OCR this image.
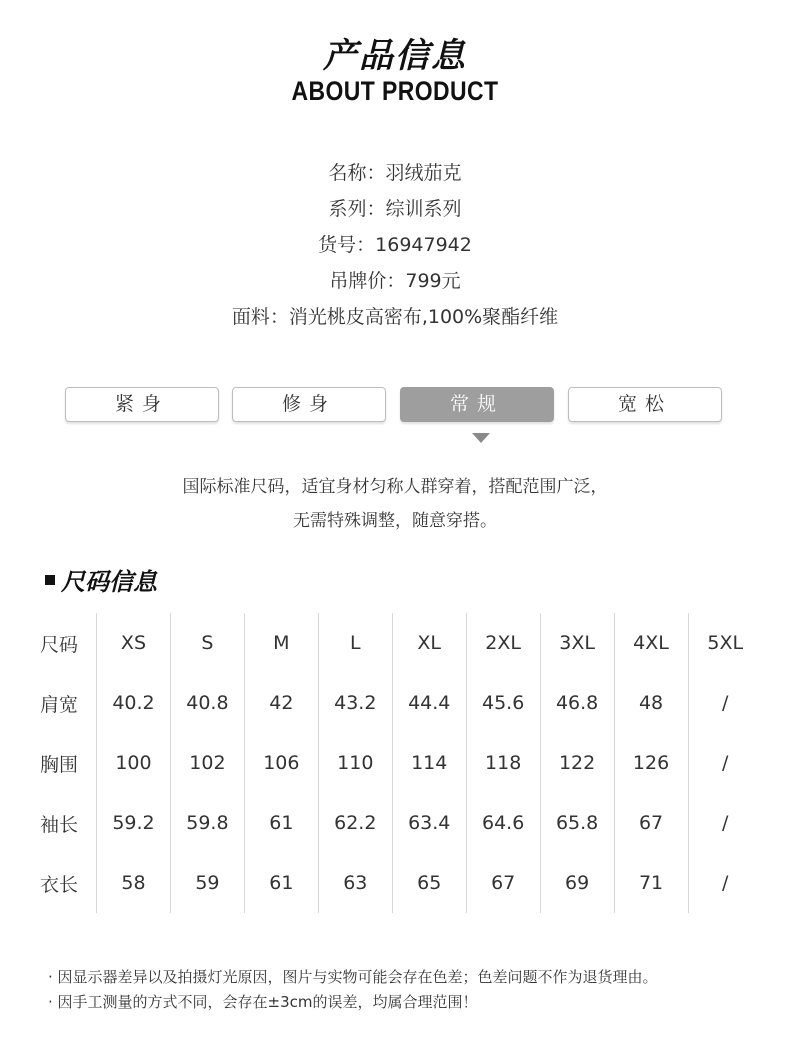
产品信息
ABOUT PRODUCT
名称：羽绒茄克
系列：综训系列
货号：16947942
吊牌价：799元
面料：消光桃皮高密布,100%聚酯纤维
紧身	修身	常规	宽松
国际标准尺码，适宜身材匀称人群穿着，搭配范围广泛，
无需特殊调整，随意穿搭。
尺码信息
尺码	XS	S	M	L	XL	2XL	3XL	4XL	5XL
肩宽	40.2	40.8	42	43.2	44.4	45.6	46.8	48	/
胸围	100	102	106	110	114	118	122	126	/
袖长	59.2	59.8	61	62.2	63.4	64.6	65.8	67	/
衣长	58	59	61	63	65	67	69	71	/
· 因显示器差异以及拍摄灯光原因，图片与实物可能会存在色差；色差问题不作为退货理由。
· 因手工测量的方式不同，会存在±3cm的误差，均属合理范围！
